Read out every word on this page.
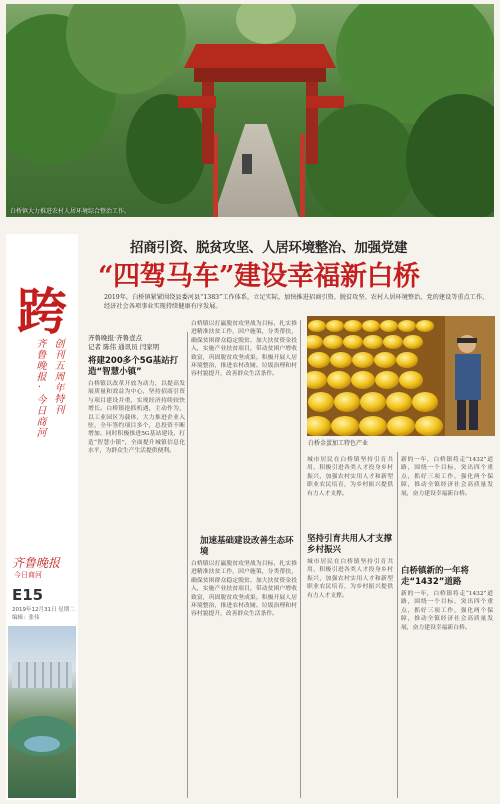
白桥镇大力推进农村人居环境综合整治工作。
招商引资、脱贫攻坚、人居环境整治、加强党建
“四驾马车”建设幸福新白桥
跨
齐鲁晚报·今日商河 创刊五周年特刊
齐鲁晚报
今日商河
E15
2019年12月31日 星期二 编辑：张伟
2019年，白桥镇紧紧围绕县委河县“1383”工作体系，立足实际，加快推进招商引资、脱贫攻坚、农村人居环境整治、党的建设等重点工作，经济社会各项事业实现持续健康有序发展。
齐鲁晚报·齐鲁壹点
记者 陈伟 通讯员 闫家明
将建200多个5G基站打造“智慧小镇”
白桥镇以改革开放为动力，以提高发展质量和效益为中心，坚持招商引资与项目建设并重，实现经济持续较快增长。白桥镇抢抓机遇，主动作为，以工业园区为载体，大力推进企业入驻，全年签约项目多个，总投资不断增加。同时积极推进5G基站建设，打造“智慧小镇”，全面提升城镇信息化水平，为群众生产生活提供便利。
白桥镇以打赢脱贫攻坚战为目标，扎实推进精准扶贫工作，因户施策，分类帮扶，确保贫困群众稳定脱贫。加大扶贫资金投入，实施产业扶贫项目，带动贫困户增收致富，巩固脱贫攻坚成果。积极开展人居环境整治，推进农村改厕、垃圾治理和村容村貌提升，改善群众生活条件。
加速基础建设改善生态环境
白桥镇以打赢脱贫攻坚战为目标，扎实推进精准扶贫工作，因户施策，分类帮扶，确保贫困群众稳定脱贫。加大扶贫资金投入，实施产业扶贫项目，带动贫困户增收致富，巩固脱贫攻坚成果。积极开展人居环境整治，推进农村改厕、垃圾治理和村容村貌提升，改善群众生活条件。
白桥金蛋加工特色产业
城市居民在白桥镇坚持引育共用，积极引进各类人才投身乡村振兴，加强农村实用人才和新型职业农民培育，为乡村振兴提供有力人才支撑。
坚持引育共用人才支撑乡村振兴
城市居民在白桥镇坚持引育共用，积极引进各类人才投身乡村振兴，加强农村实用人才和新型职业农民培育，为乡村振兴提供有力人才支撑。
新的一年，白桥镇将走“1432”道路，围绕一个目标，突出四个重点，抓好三项工作，强化两个保障，推动全镇经济社会高质量发展，奋力建设幸福新白桥。
白桥镇新的一年将走“1432”道路
新的一年，白桥镇将走“1432”道路，围绕一个目标，突出四个重点，抓好三项工作，强化两个保障，推动全镇经济社会高质量发展，奋力建设幸福新白桥。
